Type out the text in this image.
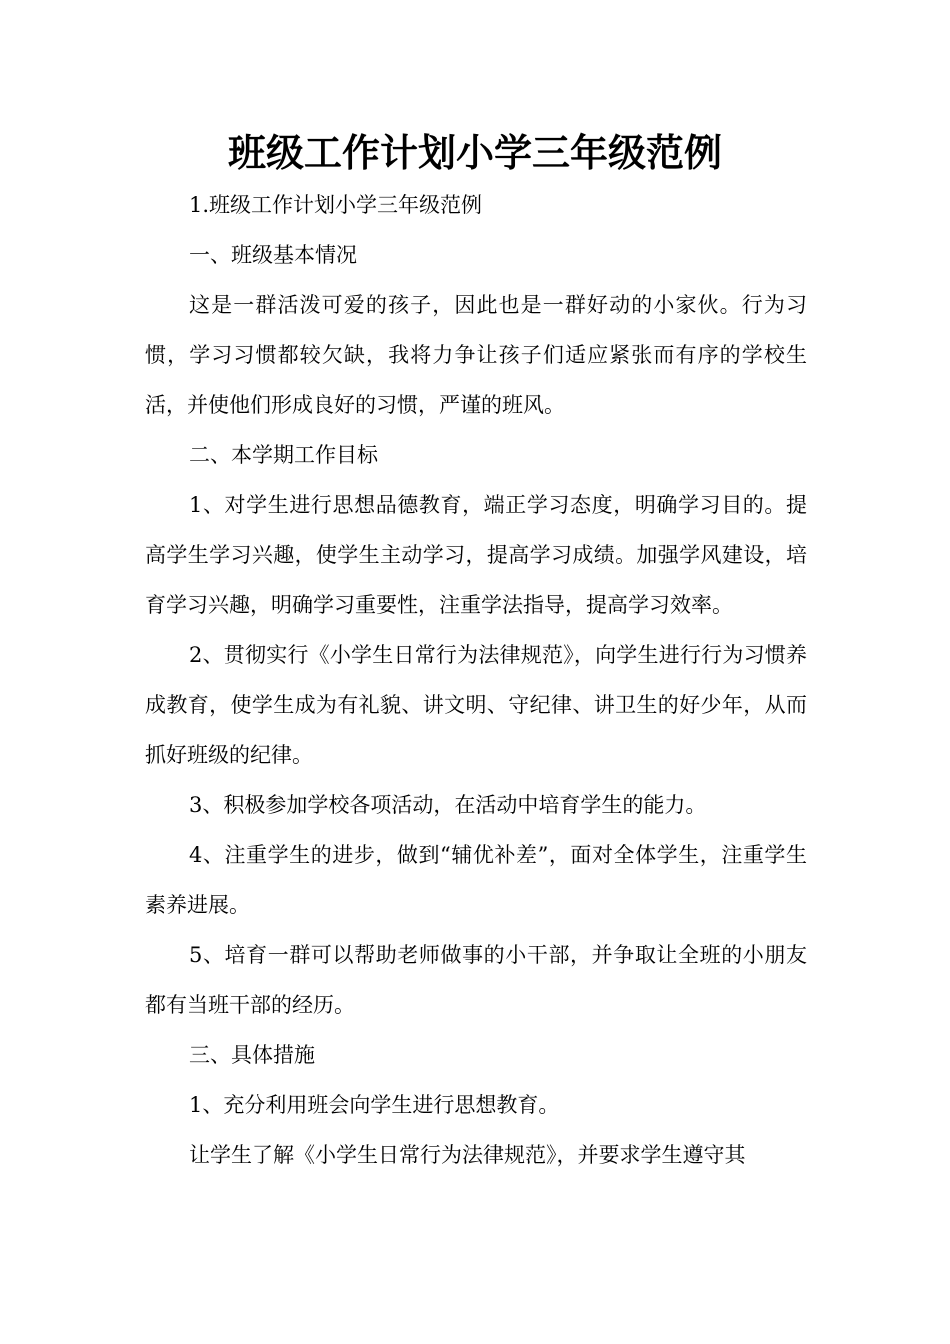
班级工作计划小学三年级范例

1.班级工作计划小学三年级范例

一、班级基本情况

这是一群活泼可爱的孩子，因此也是一群好动的小家伙。行为习惯，学习习惯都较欠缺，我将力争让孩子们适应紧张而有序的学校生活，并使他们形成良好的习惯，严谨的班风。

二、本学期工作目标

1、对学生进行思想品德教育，端正学习态度，明确学习目的。提高学生学习兴趣，使学生主动学习，提高学习成绩。加强学风建设，培育学习兴趣，明确学习重要性，注重学法指导，提高学习效率。

2、贯彻实行《小学生日常行为法律规范》，向学生进行行为习惯养成教育，使学生成为有礼貌、讲文明、守纪律、讲卫生的好少年，从而抓好班级的纪律。

3、积极参加学校各项活动，在活动中培育学生的能力。

4、注重学生的进步，做到“辅优补差”，面对全体学生，注重学生素养进展。

5、培育一群可以帮助老师做事的小干部，并争取让全班的小朋友都有当班干部的经历。

三、具体措施

1、充分利用班会向学生进行思想教育。

让学生了解《小学生日常行为法律规范》，并要求学生遵守其
